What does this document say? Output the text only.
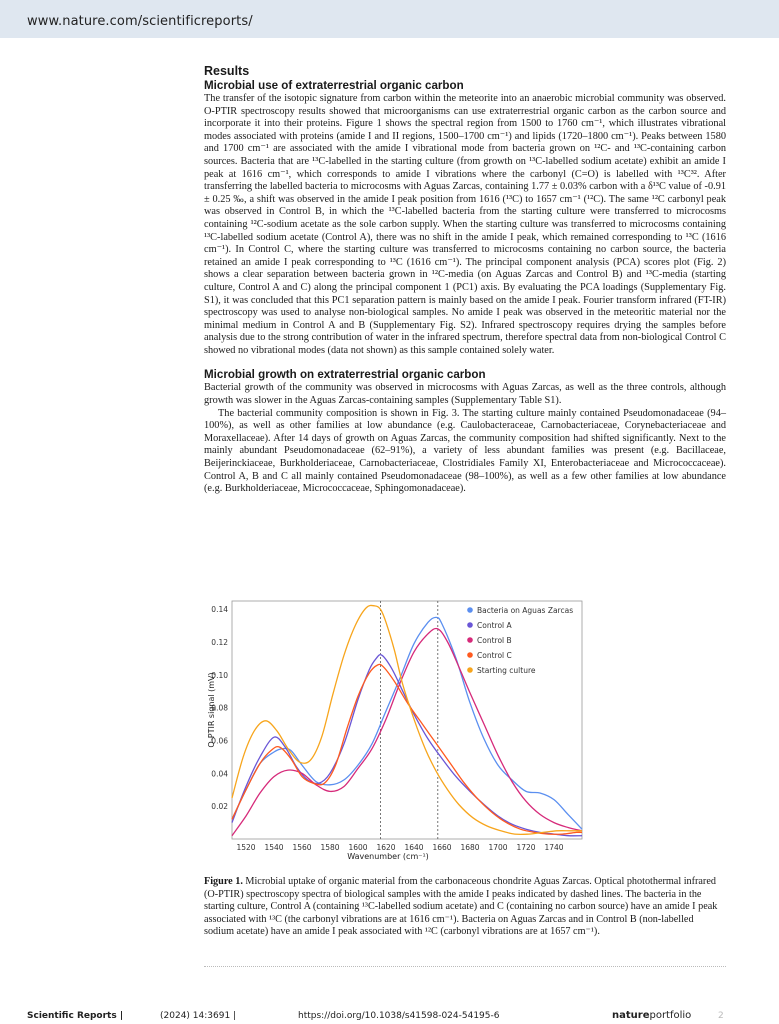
www.nature.com/scientificreports/
Results
Microbial use of extraterrestrial organic carbon

The transfer of the isotopic signature from carbon within the meteorite into an anaerobic microbial community was observed. O-PTIR spectroscopy results showed that microorganisms can use extraterrestrial organic carbon as the carbon source and incorporate it into their proteins. Figure 1 shows the spectral region from 1500 to 1760 cm⁻¹, which illustrates vibrational modes associated with proteins (amide I and II regions, 1500–1700 cm⁻¹) and lipids (1720–1800 cm⁻¹). Peaks between 1580 and 1700 cm⁻¹ are associated with the amide I vibrational mode from bacteria grown on ¹²C- and ¹³C-containing carbon sources. Bacteria that are ¹³C-labelled in the starting culture (from growth on ¹³C-labelled sodium acetate) exhibit an amide I peak at 1616 cm⁻¹, which corresponds to amide I vibrations where the carbonyl (C=O) is labelled with ¹³C³². After transferring the labelled bacteria to microcosms with Aguas Zarcas, containing 1.77 ± 0.03% carbon with a δ¹³C value of -0.91 ± 0.25 ‰, a shift was observed in the amide I peak position from 1616 (¹³C) to 1657 cm⁻¹ (¹²C). The same ¹²C carbonyl peak was observed in Control B, in which the ¹³C-labelled bacteria from the starting culture were transferred to microcosms containing ¹²C-sodium acetate as the sole carbon supply. When the starting culture was transferred to microcosms containing ¹³C-labelled sodium acetate (Control A), there was no shift in the amide I peak, which remained corresponding to ¹³C (1616 cm⁻¹). In Control C, where the starting culture was transferred to microcosms containing no carbon source, the bacteria retained an amide I peak corresponding to ¹³C (1616 cm⁻¹). The principal component analysis (PCA) scores plot (Fig. 2) shows a clear separation between bacteria grown in ¹²C-media (on Aguas Zarcas and Control B) and ¹³C-media (starting culture, Control A and C) along the principal component 1 (PC1) axis. By evaluating the PCA loadings (Supplementary Fig. S1), it was concluded that this PC1 separation pattern is mainly based on the amide I peak. Fourier transform infrared (FT-IR) spectroscopy was used to analyse non-biological samples. No amide I peak was observed in the meteoritic material nor the minimal medium in Control A and B (Supplementary Fig. S2). Infrared spectroscopy requires drying the samples before analysis due to the strong contribution of water in the infrared spectrum, therefore spectral data from non-biological Control C showed no vibrational modes (data not shown) as this sample contained solely water.

Microbial growth on extraterrestrial organic carbon

Bacterial growth of the community was observed in microcosms with Aguas Zarcas, as well as the three controls, although growth was slower in the Aguas Zarcas-containing samples (Supplementary Table S1).

The bacterial community composition is shown in Fig. 3. The starting culture mainly contained Pseudomonadaceae (94–100%), as well as other families at low abundance (e.g. Caulobacteraceae, Carnobacteriaceae, Corynebacteriaceae and Moraxellaceae). After 14 days of growth on Aguas Zarcas, the community composition had shifted significantly. Next to the mainly abundant Pseudomonadaceae (62–91%), a variety of less abundant families was present (e.g. Bacillaceae, Beijerinckiaceae, Burkholderiaceae, Carnobacteriaceae, Clostridiales Family XI, Enterobacteriaceae and Micrococcaceae). Control A, B and C all mainly contained Pseudomonadaceae (98–100%), as well as a few other families at low abundance (e.g. Burkholderiaceae, Micrococcaceae, Sphingomonadaceae).

0.02
0.04
0.06
0.08
0.10
0.12
0.14
1520 1540 1560 1580 1600 1620 1640 1660 1680 1700 1720 1740
Wavenumber (cm⁻¹)
O-PTIR signal (mV)
Bacteria on Aguas Zarcas
Control A
Control B
Control C
Starting culture
Figure 1. Microbial uptake of organic material from the carbonaceous chondrite Aguas Zarcas. Optical photothermal infrared (O-PTIR) spectroscopy spectra of biological samples with the amide I peaks indicated by dashed lines. The bacteria in the starting culture, Control A (containing ¹³C-labelled sodium acetate) and C (containing no carbon source) have an amide I peak associated with ¹³C (the carbonyl vibrations are at 1616 cm⁻¹). Bacteria on Aguas Zarcas and in Control B (non-labelled sodium acetate) have an amide I peak associated with ¹²C (carbonyl vibrations are at 1657 cm⁻¹).
Scientific Reports |	(2024) 14:3691 |	https://doi.org/10.1038/s41598-024-54195-6	natureportfolio	2
